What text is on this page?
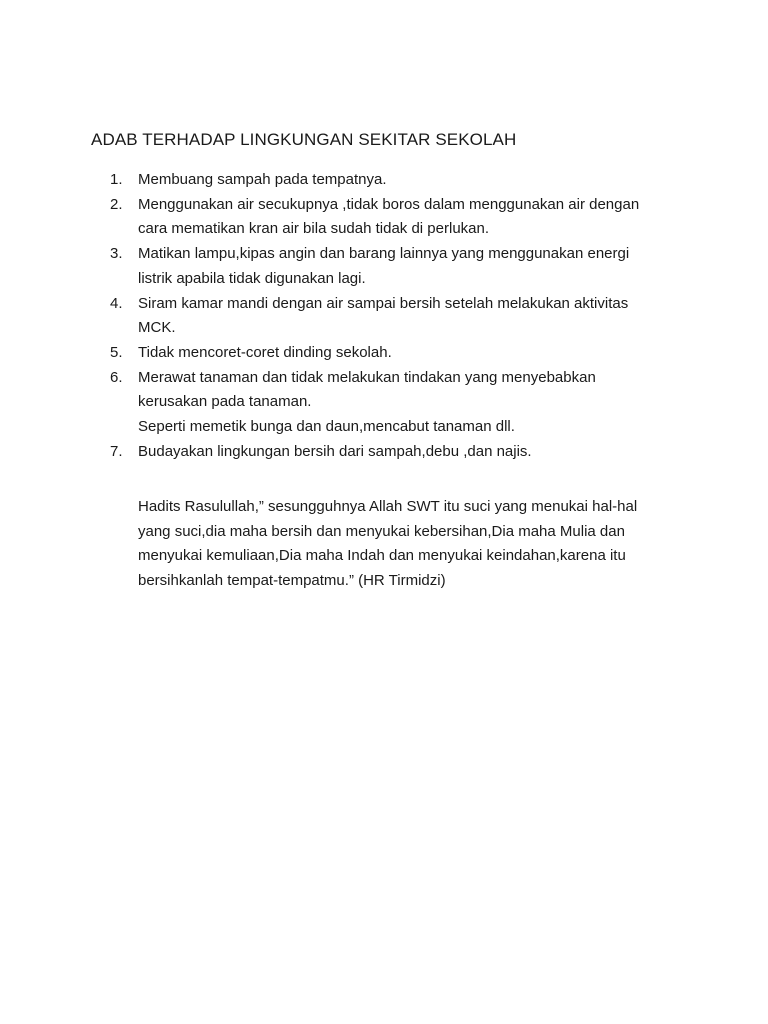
ADAB TERHADAP LINGKUNGAN SEKITAR SEKOLAH
1. Membuang sampah pada tempatnya.
2. Menggunakan air secukupnya ,tidak boros dalam menggunakan air dengan
cara mematikan kran air bila sudah tidak di perlukan.
3. Matikan lampu,kipas angin dan barang lainnya yang menggunakan energi
listrik apabila tidak digunakan lagi.
4. Siram kamar mandi dengan air sampai bersih setelah melakukan aktivitas
MCK.
5. Tidak mencoret-coret dinding sekolah.
6. Merawat tanaman dan tidak melakukan tindakan yang menyebabkan
kerusakan pada tanaman.
Seperti memetik bunga dan daun,mencabut tanaman dll.
7. Budayakan lingkungan bersih dari sampah,debu ,dan najis.
Hadits Rasulullah,” sesungguhnya Allah SWT itu suci yang menukai hal-hal
yang suci,dia maha bersih dan menyukai kebersihan,Dia maha Mulia dan
menyukai kemuliaan,Dia maha Indah dan menyukai keindahan,karena itu
bersihkanlah tempat-tempatmu.” (HR Tirmidzi)
